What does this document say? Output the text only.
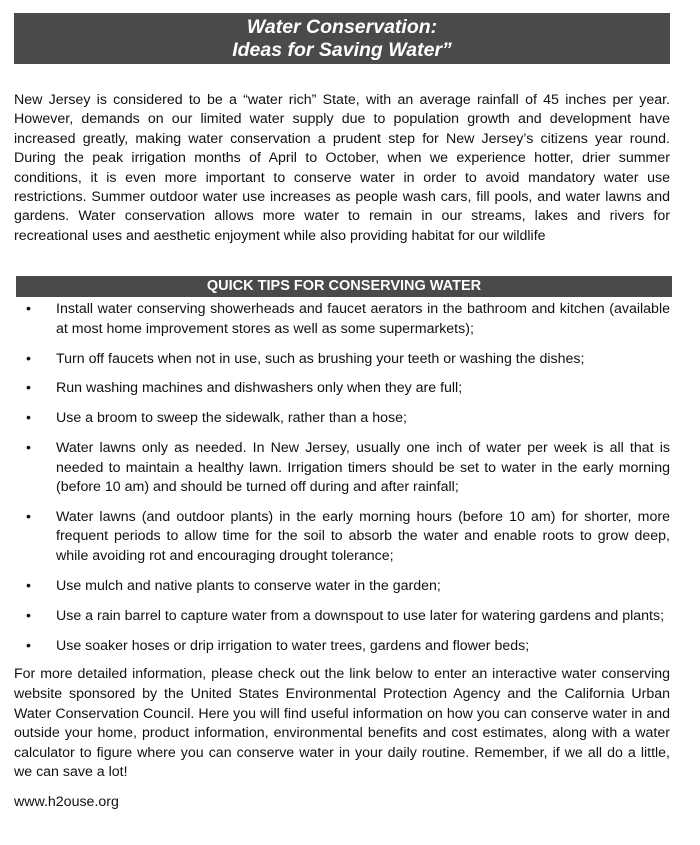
Water Conservation:
Ideas for Saving Water”

New Jersey is considered to be a “water rich” State, with an average rainfall of 45 inches per year. However, demands on our limited water supply due to population growth and development have increased greatly, making water conservation a prudent step for New Jersey’s citizens year round. During the peak irrigation months of April to October, when we experience hotter, drier summer conditions, it is even more important to conserve water in order to avoid mandatory water use restrictions. Summer outdoor water use increases as people wash cars, fill pools, and water lawns and gardens. Water conservation allows more water to remain in our streams, lakes and rivers for recreational uses and aesthetic enjoyment while also providing habitat for our wildlife

QUICK TIPS FOR CONSERVING WATER
• Install water conserving showerheads and faucet aerators in the bathroom and kitchen (available at most home improvement stores as well as some supermarkets);
• Turn off faucets when not in use, such as brushing your teeth or washing the dishes;
• Run washing machines and dishwashers only when they are full;
• Use a broom to sweep the sidewalk, rather than a hose;
• Water lawns only as needed. In New Jersey, usually one inch of water per week is all that is needed to maintain a healthy lawn. Irrigation timers should be set to water in the early morning (before 10 am) and should be turned off during and after rainfall;
• Water lawns (and outdoor plants) in the early morning hours (before 10 am) for shorter, more frequent periods to allow time for the soil to absorb the water and enable roots to grow deep, while avoiding rot and encouraging drought tolerance;
• Use mulch and native plants to conserve water in the garden;
• Use a rain barrel to capture water from a downspout to use later for watering gardens and plants;
• Use soaker hoses or drip irrigation to water trees, gardens and flower beds;

For more detailed information, please check out the link below to enter an interactive water conserving website sponsored by the United States Environmental Protection Agency and the California Urban Water Conservation Council. Here you will find useful information on how you can conserve water in and outside your home, product information, environmental benefits and cost estimates, along with a water calculator to figure where you can conserve water in your daily routine. Remember, if we all do a little, we can save a lot!

www.h2ouse.org
